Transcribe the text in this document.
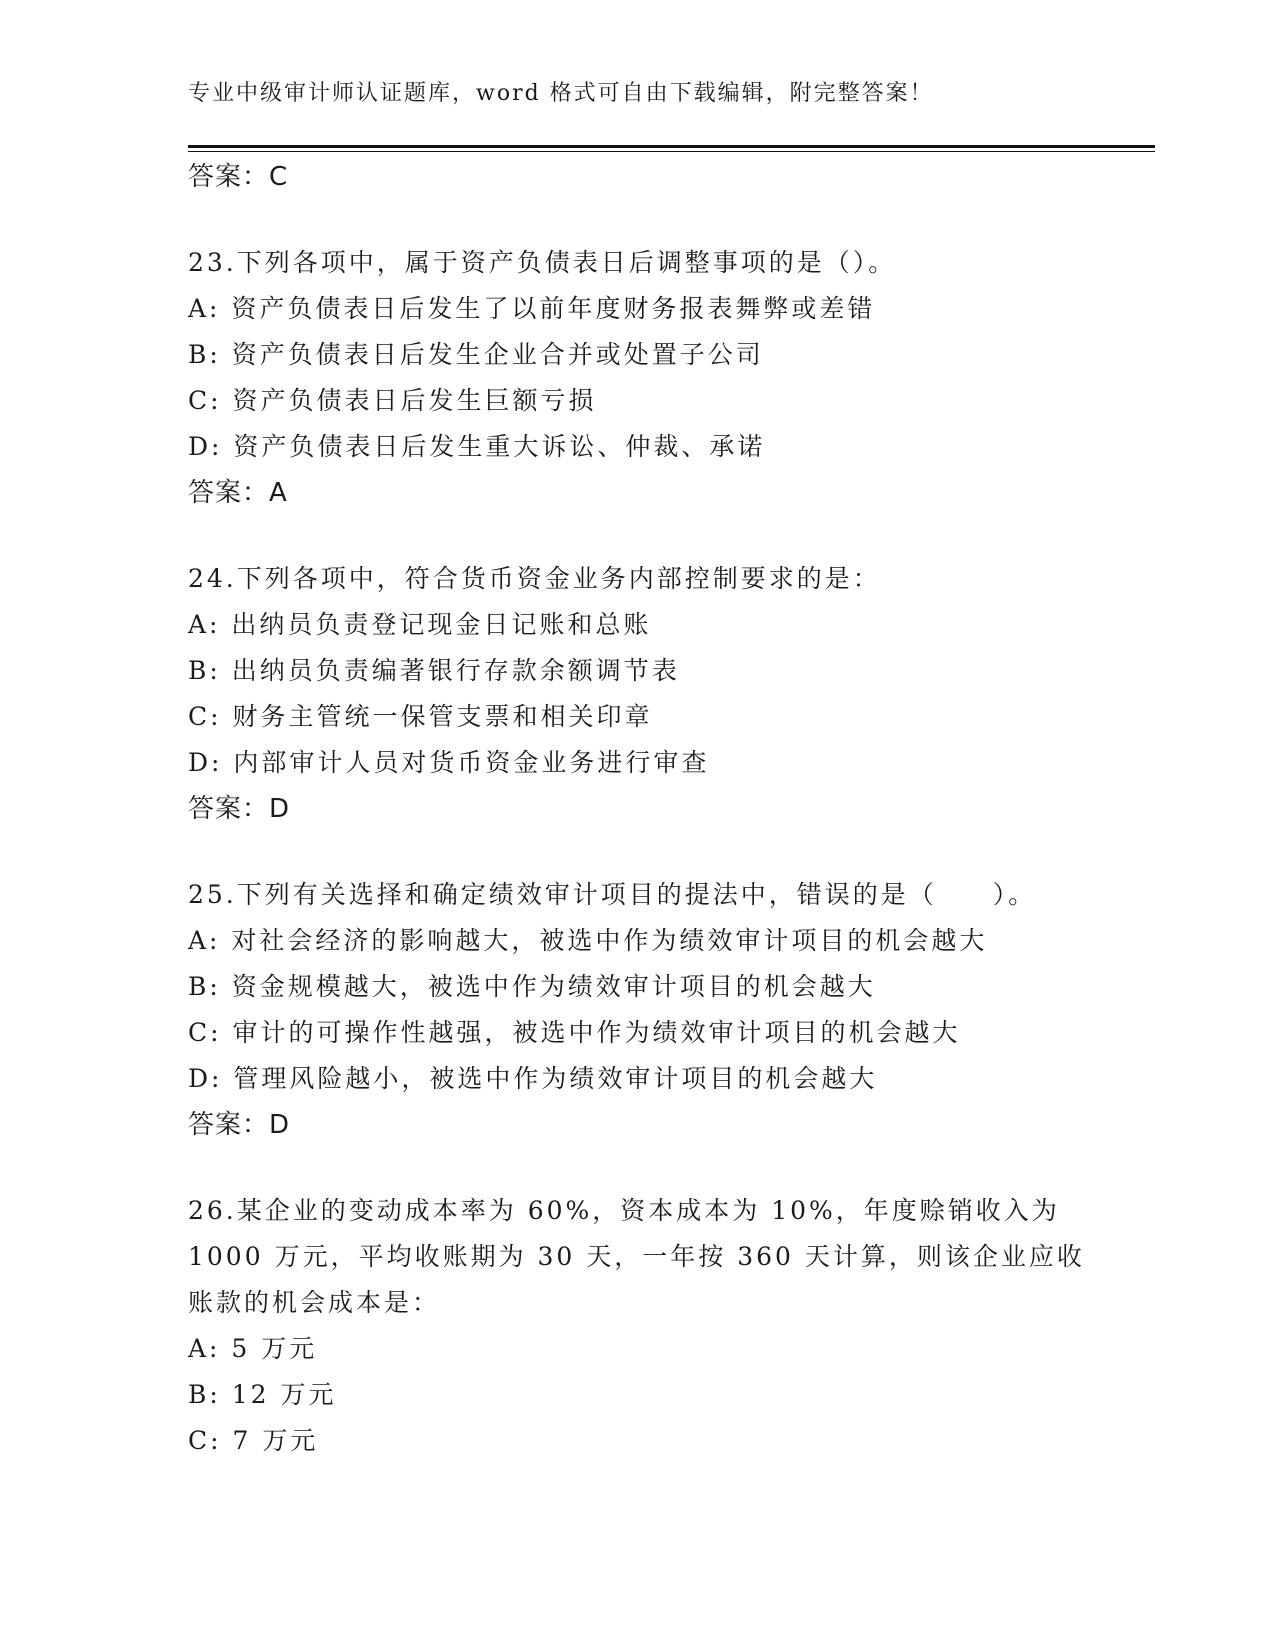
专业中级审计师认证题库，word 格式可自由下载编辑，附完整答案！
答案：C
23.下列各项中，属于资产负债表日后调整事项的是（）。
A: 资产负债表日后发生了以前年度财务报表舞弊或差错
B: 资产负债表日后发生企业合并或处置子公司
C: 资产负债表日后发生巨额亏损
D: 资产负债表日后发生重大诉讼、仲裁、承诺
答案：A
24.下列各项中，符合货币资金业务内部控制要求的是：
A: 出纳员负责登记现金日记账和总账
B: 出纳员负责编著银行存款余额调节表
C: 财务主管统一保管支票和相关印章
D: 内部审计人员对货币资金业务进行审查
答案：D
25.下列有关选择和确定绩效审计项目的提法中，错误的是（　　）。
A: 对社会经济的影响越大，被选中作为绩效审计项目的机会越大
B: 资金规模越大，被选中作为绩效审计项目的机会越大
C: 审计的可操作性越强，被选中作为绩效审计项目的机会越大
D: 管理风险越小，被选中作为绩效审计项目的机会越大
答案：D
26.某企业的变动成本率为 60%，资本成本为 10%，年度赊销收入为 1000 万元，平均收账期为 30 天，一年按 360 天计算，则该企业应收账款的机会成本是：
A: 5 万元
B: 12 万元
C: 7 万元
